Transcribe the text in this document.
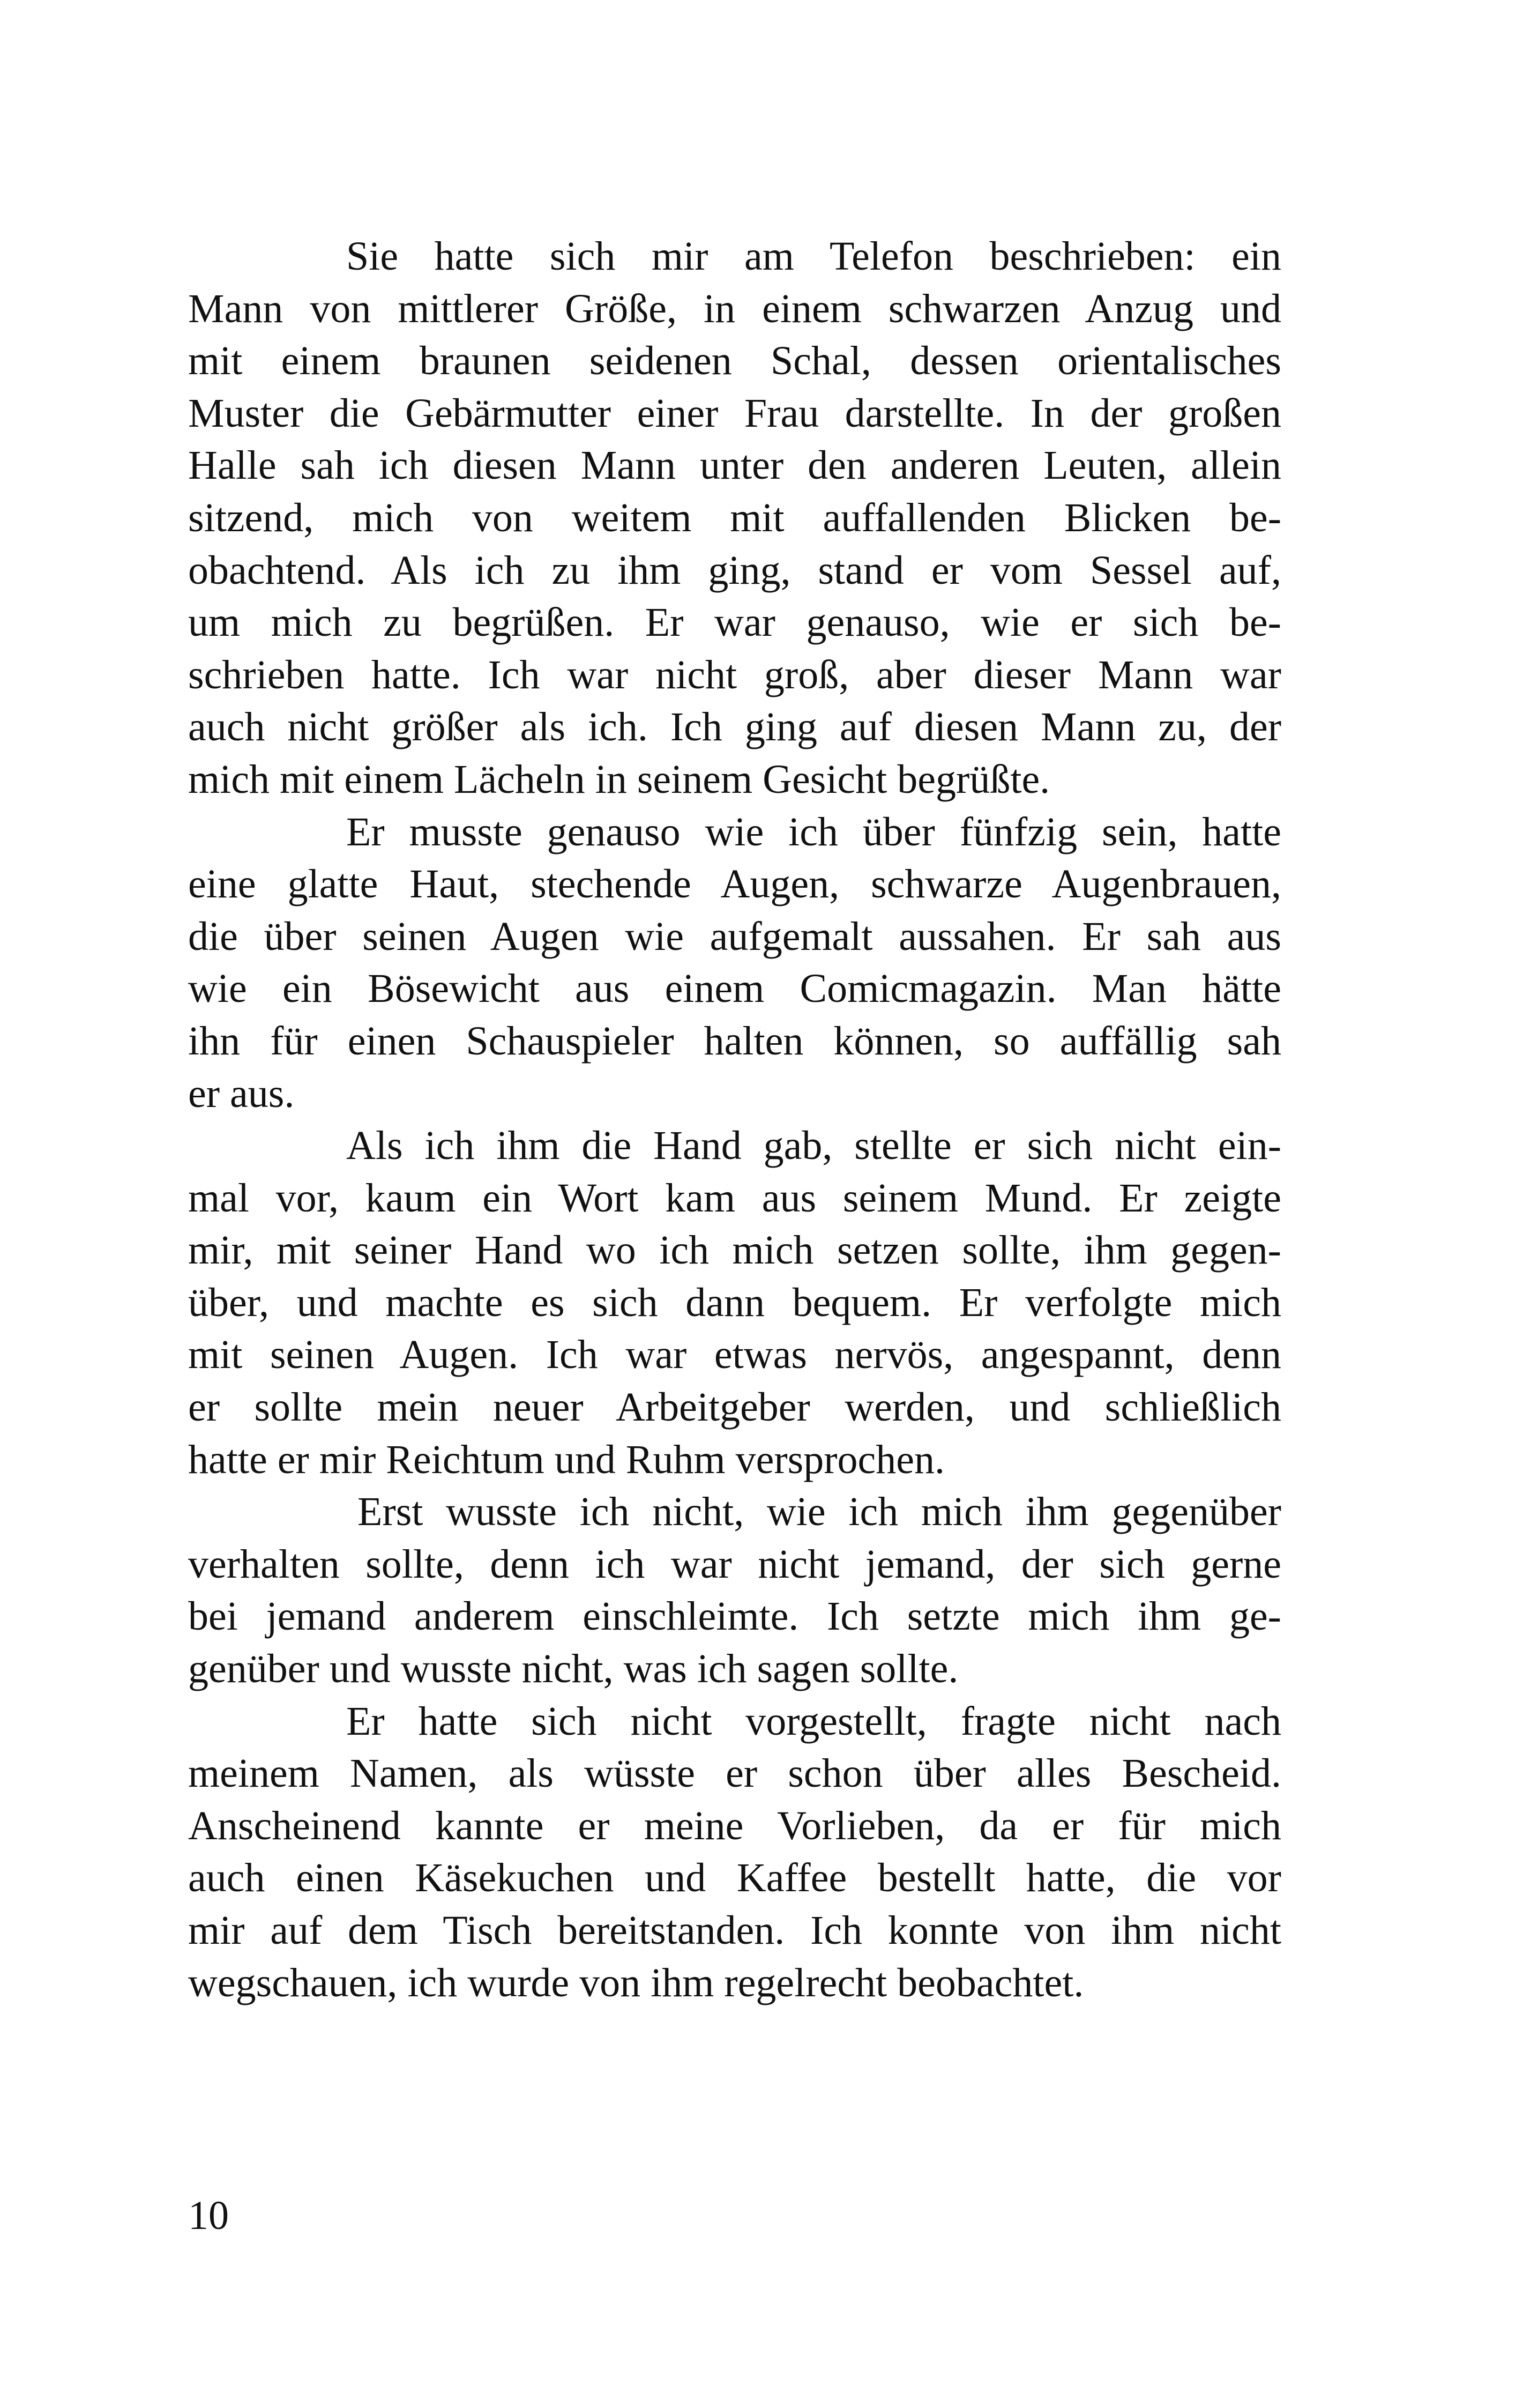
Sie hatte sich mir am Telefon beschrieben: ein
Mann von mittlerer Größe, in einem schwarzen Anzug und
mit einem braunen seidenen Schal, dessen orientalisches
Muster die Gebärmutter einer Frau darstellte. In der großen
Halle sah ich diesen Mann unter den anderen Leuten, allein
sitzend, mich von weitem mit auffallenden Blicken be-
obachtend. Als ich zu ihm ging, stand er vom Sessel auf,
um mich zu begrüßen. Er war genauso, wie er sich be-
schrieben hatte. Ich war nicht groß, aber dieser Mann war
auch nicht größer als ich. Ich ging auf diesen Mann zu, der
mich mit einem Lächeln in seinem Gesicht begrüßte.
Er musste genauso wie ich über fünfzig sein, hatte
eine glatte Haut, stechende Augen, schwarze Augenbrauen,
die über seinen Augen wie aufgemalt aussahen. Er sah aus
wie ein Bösewicht aus einem Comicmagazin. Man hätte
ihn für einen Schauspieler halten können, so auffällig sah
er aus.
Als ich ihm die Hand gab, stellte er sich nicht ein-
mal vor, kaum ein Wort kam aus seinem Mund. Er zeigte
mir, mit seiner Hand wo ich mich setzen sollte, ihm gegen-
über, und machte es sich dann bequem. Er verfolgte mich
mit seinen Augen. Ich war etwas nervös, angespannt, denn
er sollte mein neuer Arbeitgeber werden, und schließlich
hatte er mir Reichtum und Ruhm versprochen.
Erst wusste ich nicht, wie ich mich ihm gegenüber
verhalten sollte, denn ich war nicht jemand, der sich gerne
bei jemand anderem einschleimte. Ich setzte mich ihm ge-
genüber und wusste nicht, was ich sagen sollte.
Er hatte sich nicht vorgestellt, fragte nicht nach
meinem Namen, als wüsste er schon über alles Bescheid.
Anscheinend kannte er meine Vorlieben, da er für mich
auch einen Käsekuchen und Kaffee bestellt hatte, die vor
mir auf dem Tisch bereitstanden. Ich konnte von ihm nicht
wegschauen, ich wurde von ihm regelrecht beobachtet.
10
